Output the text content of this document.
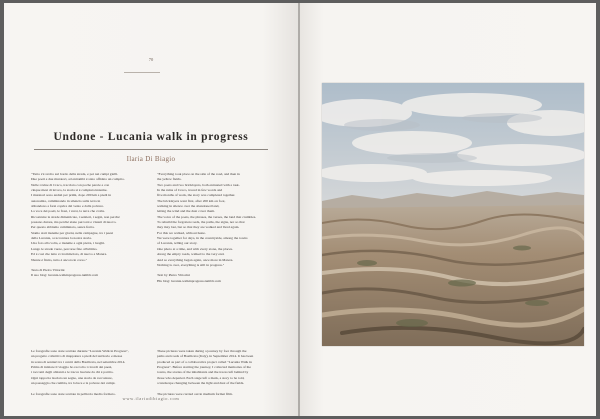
70
Undone - Lucania walk in progress
Ilaria Di Biagio

"Tutto s'è svolto sul bordo della strada, e poi nei campi gialli.

Due poeti e due muratori, ad entrambi è stato affidato un compito.

Nelle rovine di Craco, tracciato con poche parole e con

cinque mesi di lavoro, la storia si è compiuta insieme.

I muratori sono andati per primi, dopo 200 km a piedi in

autonomia, camminando in silenzio sulla terra in

abbandono a farsi coprire dal vento e dalla polvere.

La voce dei poeti, le frasi, i versi, la terra che crolla.

Ricostruire le strade dimenticate, i sentieri, i segni, non perché

possano durare, ma perché siano percorsi e vissuti di nuovo.

Per questo abbiamo camminato, senza fretta.

Siamo stati insieme per giorni, nelle campagne, tra i paesi

della Lucania, a raccontare la nostra storia.

Una foto alla volta, e insieme a ogni pietra, i luoghi.

Lungo le strade vuote, percorse fino all'ultimo.

Ed è così che tutto è ricominciato, di nuovo a Matera.

Niente è finito, tutto è ancora in corso."

Testo di Pietro Vittorini

Il suo blog: lucania.walkinprogress.tumblr.com

"Everything took place on the side of the road, and then in

the yellow fields.

Two poets and two bricklayers, both entrusted with a task.

In the ruins of Craco, traced in few words and

five months of work, the story was completed together.

The bricklayers went first, after 200 km on foot,

walking in silence over the abandoned land,

letting the wind and the dust cover them.

The voice of the poets, the phrases, the verses, the land that crumbles.

To rebuild the forgotten roads, the paths, the signs, not so that

they may last, but so that they are walked and lived again.

For this we walked, without haste.

We were together for days, in the countryside, among the towns

of Lucania, telling our story.

One photo at a time, and with every stone, the places.

Along the empty roads, walked to the very end.

And so everything began again, once more in Matera.

Nothing is over, everything is still in progress."

Text by Pietro Vittorini

His blog: lucania.walkinprogress.tumblr.com

Le fotografie sono state scattate durante "Lucania Walk in Progress",

un progetto collettivo di mappatura a piedi del territorio e messa

in scena di sentieri tra i centri della Basilicata, nel settembre 2014.

Prima di iniziare il viaggio ho raccolto i ricordi dei paesi,

i racconti degli abitanti e le tracce lasciate da chi è partito.

Ogni tappa ha lasciato un segno, una storia da raccontare,

un paesaggio che cambia, tra la luce e la polvere dei campi.

Le fotografie sono state scattate in pellicola medio formato.

These pictures were taken during a journey by foot through the

paths and roads of Basilicata (Italy), in September 2014. It has been

produced as part of a collaborative project called "Lucania Walk in

Progress". Before starting the journey, I collected memories of the

towns, the stories of the inhabitants and the traces left behind by

those who departed. Each stage left a mark, a story to be told,

a landscape changing between the light and dust of the fields.

The pictures were carried out in medium format film.

www.ilariadibiagio.com
